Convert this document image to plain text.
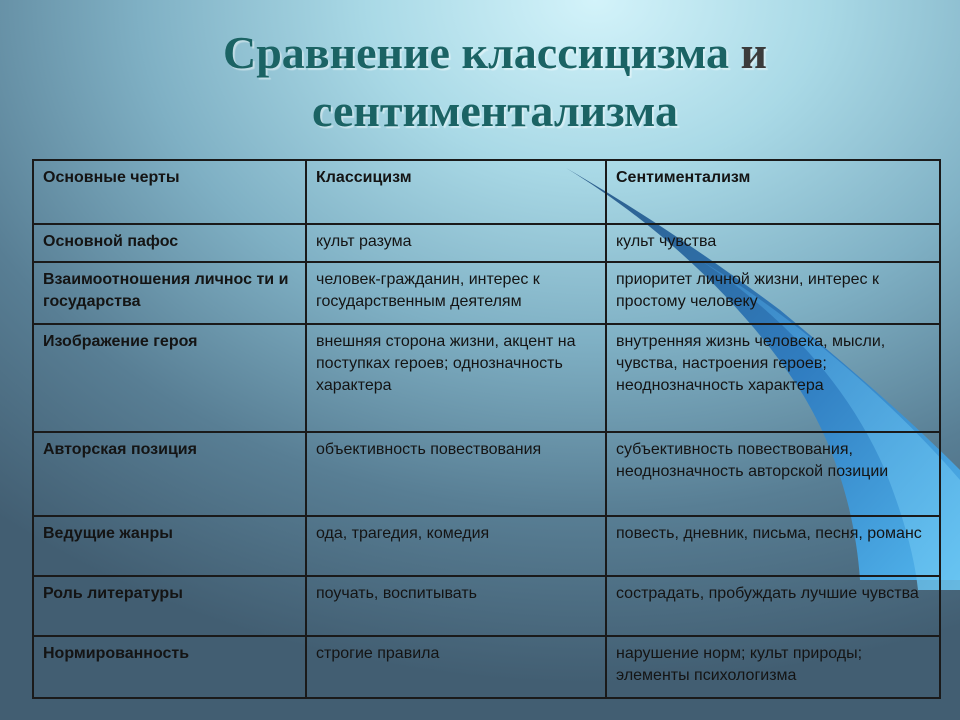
Сравнение классицизма и
сентиментализма
Основные черты	Классицизм	Сентиментализм
Основной пафос	культ разума	культ чувства
Взаимоотношения личнос ти и государства	человек-гражданин, интерес к государственным деятелям	приоритет личной жизни, интерес к простому человеку
Изображение героя	внешняя сторона жизни, акцент на поступках героев; однозначность характера	внутренняя жизнь человека, мысли, чувства, настроения героев; неоднозначность характера
Авторская позиция	объективность повествования	субъективность повествования, неоднозначность авторской позиции
Ведущие жанры	ода, трагедия, комедия	повесть, дневник, письма, песня, романс
Роль литературы	поучать, воспитывать	сострадать, пробуждать лучшие чувства
Нормированность	строгие правила	нарушение норм; культ природы; элементы психологизма
